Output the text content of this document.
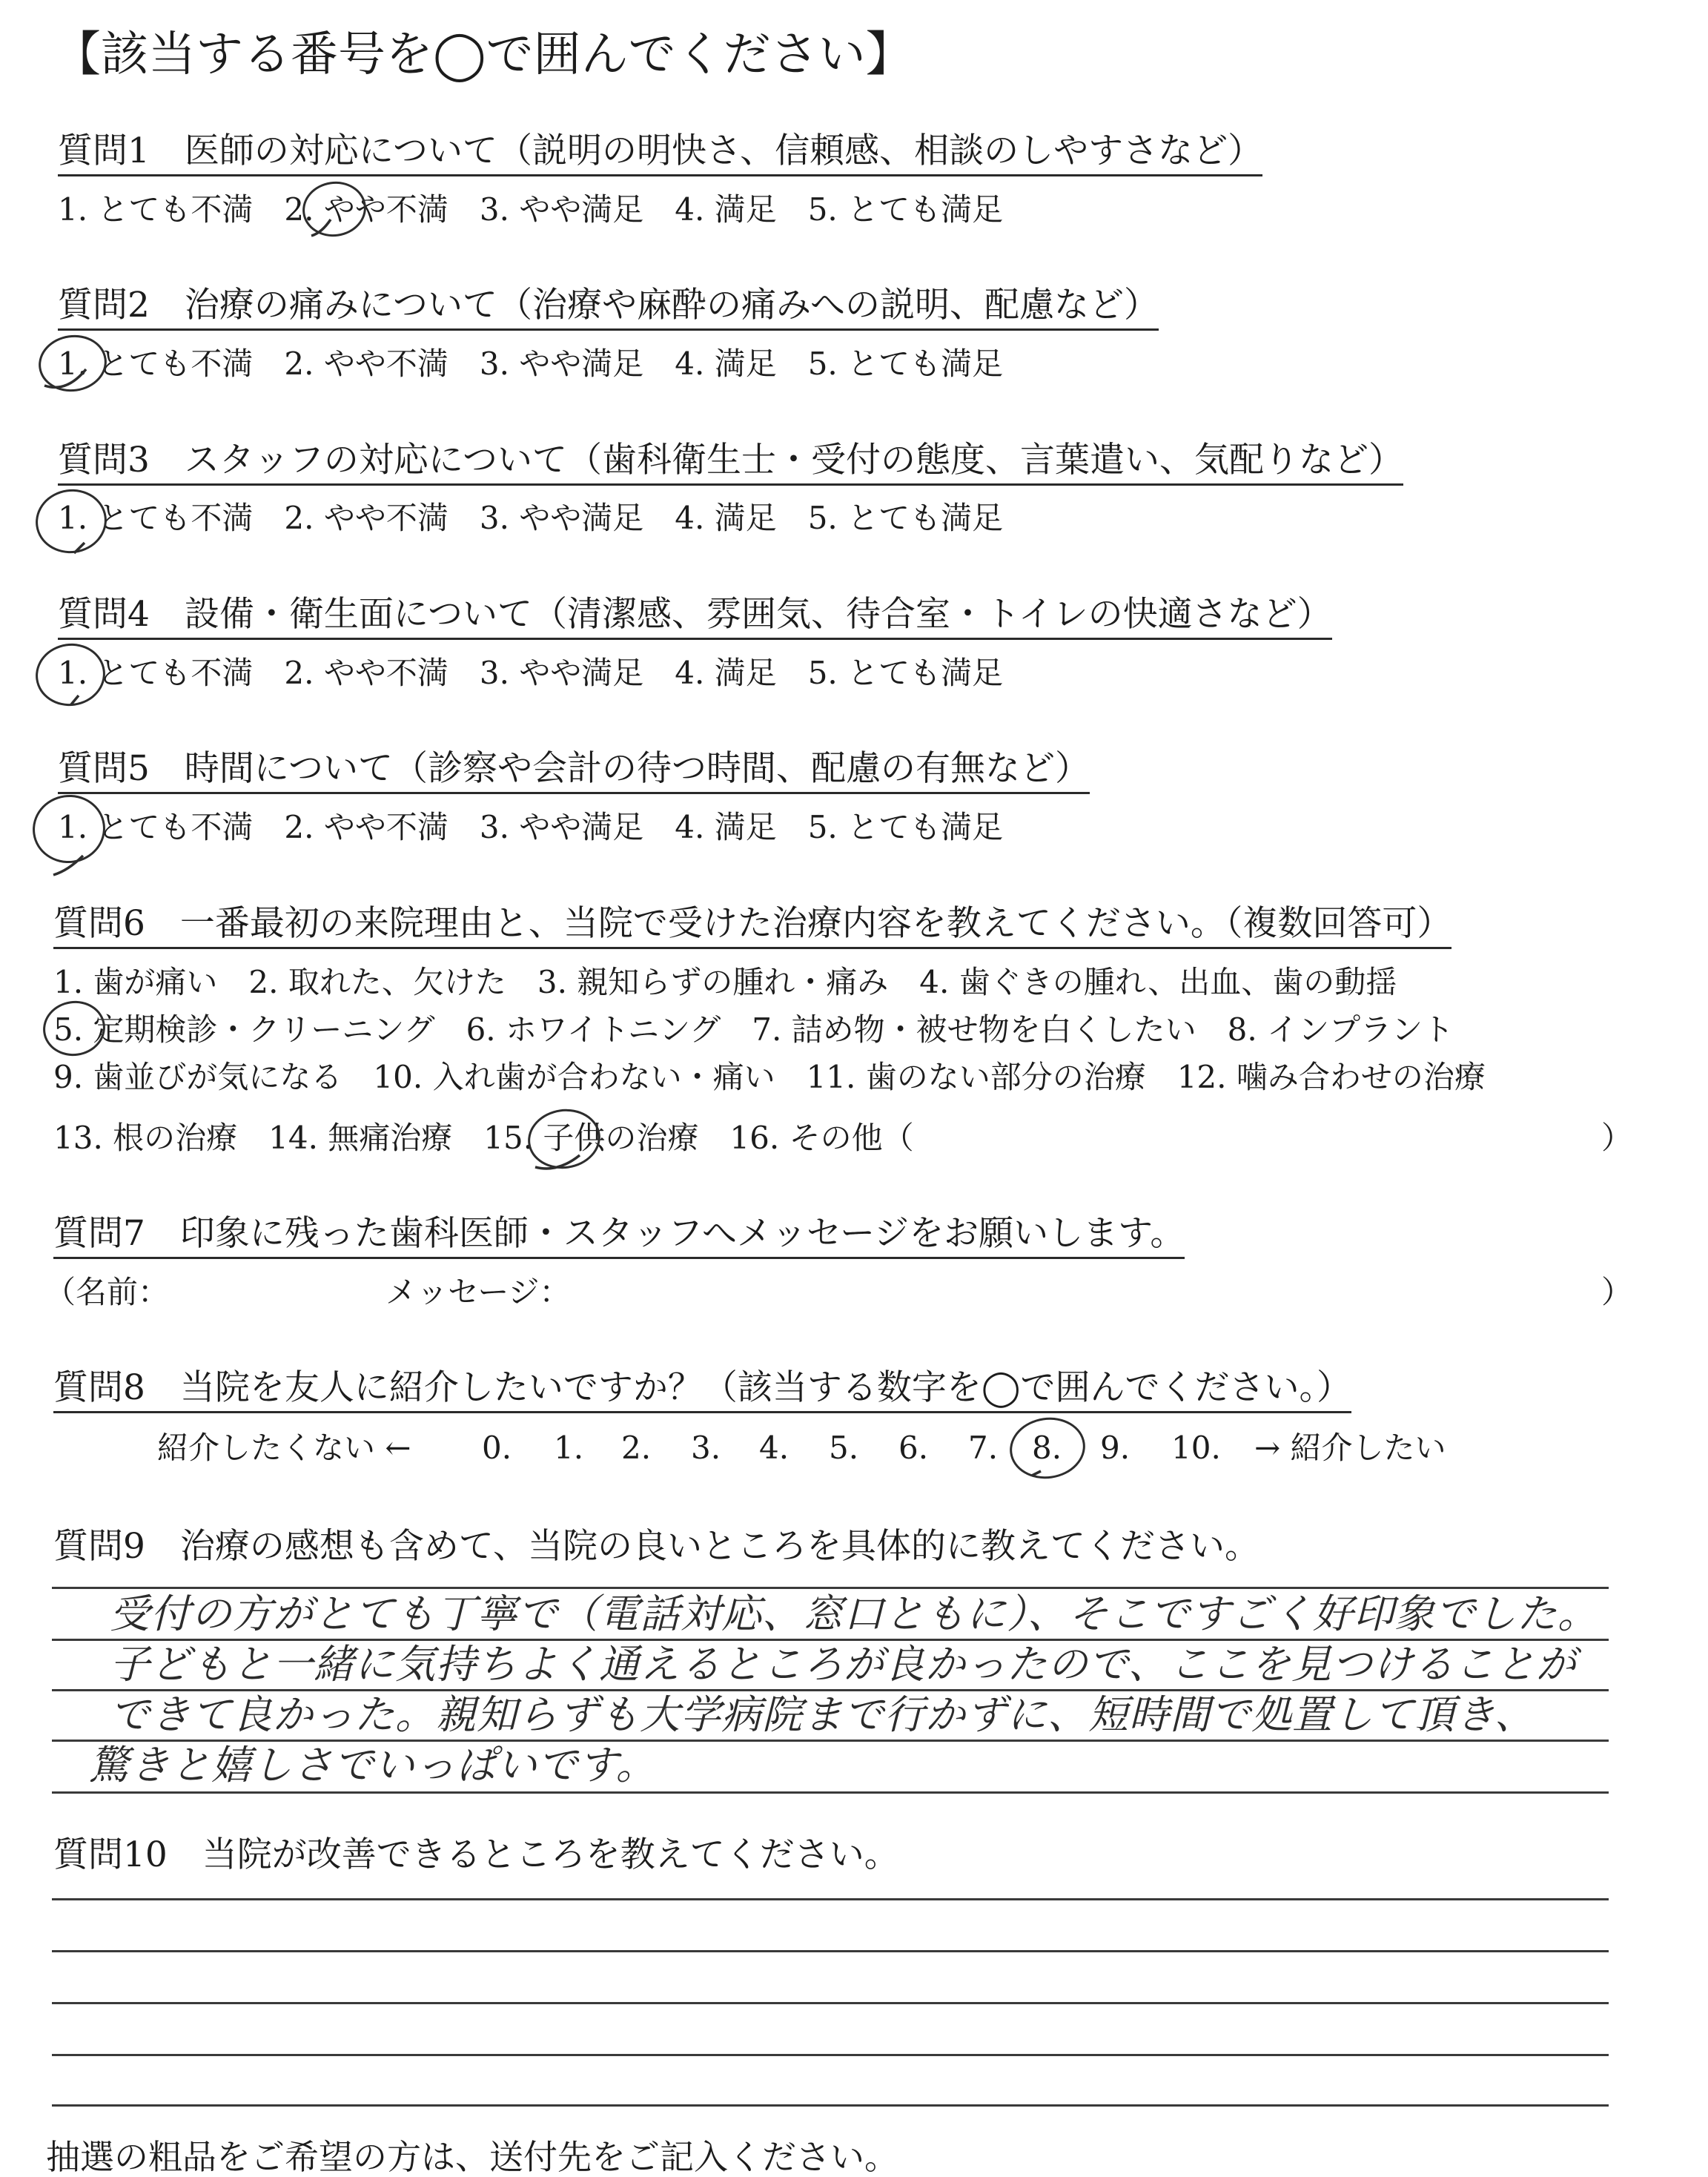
【該当する番号を◯で囲んでください】
質問1　医師の対応について（説明の明快さ、信頼感、相談のしやすさなど）
1. とても不満　2. やや不満　3. やや満足　4. 満足　5. とても満足
質問2　治療の痛みについて（治療や麻酔の痛みへの説明、配慮など）
1. とても不満　2. やや不満　3. やや満足　4. 満足　5. とても満足
質問3　スタッフの対応について（歯科衛生士・受付の態度、言葉遣い、気配りなど）
1. とても不満　2. やや不満　3. やや満足　4. 満足　5. とても満足
質問4　設備・衛生面について（清潔感、雰囲気、待合室・トイレの快適さなど）
1. とても不満　2. やや不満　3. やや満足　4. 満足　5. とても満足
質問5　時間について（診察や会計の待つ時間、配慮の有無など）
1. とても不満　2. やや不満　3. やや満足　4. 満足　5. とても満足
質問6　一番最初の来院理由と、当院で受けた治療内容を教えてください。（複数回答可）
1. 歯が痛い　2. 取れた、欠けた　3. 親知らずの腫れ・痛み　4. 歯ぐきの腫れ、出血、歯の動揺
5. 定期検診・クリーニング　6. ホワイトニング　7. 詰め物・被せ物を白くしたい　8. インプラント
9. 歯並びが気になる　10. 入れ歯が合わない・痛い　11. 歯のない部分の治療　12. 噛み合わせの治療
13. 根の治療　14. 無痛治療　15. 子供の治療　16. その他（	）
質問7　印象に残った歯科医師・スタッフへメッセージをお願いします。
（名前：	メッセージ：	）
質問8　当院を友人に紹介したいですか？（該当する数字を◯で囲んでください。）
紹介したくない ← 0. 1. 2. 3. 4. 5. 6. 7. 8. 9. 10. → 紹介したい
質問9　治療の感想も含めて、当院の良いところを具体的に教えてください。
受付の方がとても丁寧で（電話対応、窓口ともに）、そこですごく好印象でした。
子どもと一緒に気持ちよく通えるところが良かったので、ここを見つけることが
できて良かった。親知らずも大学病院まで行かずに、短時間で処置して頂き、
驚きと嬉しさでいっぱいです。
質問10　当院が改善できるところを教えてください。
抽選の粗品をご希望の方は、送付先をご記入ください。
